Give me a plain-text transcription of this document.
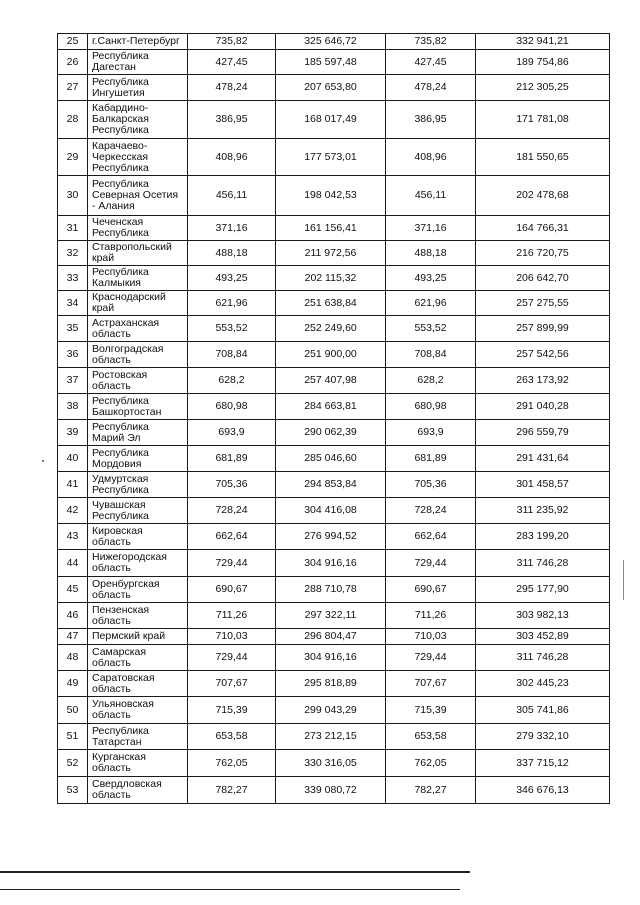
25	г.Санкт-Петербург	735,82	325 646,72	735,82	332 941,21
26	Республика Дагестан	427,45	185 597,48	427,45	189 754,86
27	Республика Ингушетия	478,24	207 653,80	478,24	212 305,25
28	Кабардино-Балкарская Республика	386,95	168 017,49	386,95	171 781,08
29	Карачаево-Черкесская Республика	408,96	177 573,01	408,96	181 550,65
30	Республика Северная Осетия - Алания	456,11	198 042,53	456,11	202 478,68
31	Чеченская Республика	371,16	161 156,41	371,16	164 766,31
32	Ставропольский край	488,18	211 972,56	488,18	216 720,75
33	Республика Калмыкия	493,25	202 115,32	493,25	206 642,70
34	Краснодарский край	621,96	251 638,84	621,96	257 275,55
35	Астраханская область	553,52	252 249,60	553,52	257 899,99
36	Волгоградская область	708,84	251 900,00	708,84	257 542,56
37	Ростовская область	628,2	257 407,98	628,2	263 173,92
38	Республика Башкортостан	680,98	284 663,81	680,98	291 040,28
39	Республика Марий Эл	693,9	290 062,39	693,9	296 559,79
40	Республика Мордовия	681,89	285 046,60	681,89	291 431,64
41	Удмуртская Республика	705,36	294 853,84	705,36	301 458,57
42	Чувашская Республика	728,24	304 416,08	728,24	311 235,92
43	Кировская область	662,64	276 994,52	662,64	283 199,20
44	Нижегородская область	729,44	304 916,16	729,44	311 746,28
45	Оренбургская область	690,67	288 710,78	690,67	295 177,90
46	Пензенская область	711,26	297 322,11	711,26	303 982,13
47	Пермский край	710,03	296 804,47	710,03	303 452,89
48	Самарская область	729,44	304 916,16	729,44	311 746,28
49	Саратовская область	707,67	295 818,89	707,67	302 445,23
50	Ульяновская область	715,39	299 043,29	715,39	305 741,86
51	Республика Татарстан	653,58	273 212,15	653,58	279 332,10
52	Курганская область	762,05	330 316,05	762,05	337 715,12
53	Свердловская область	782,27	339 080,72	782,27	346 676,13
